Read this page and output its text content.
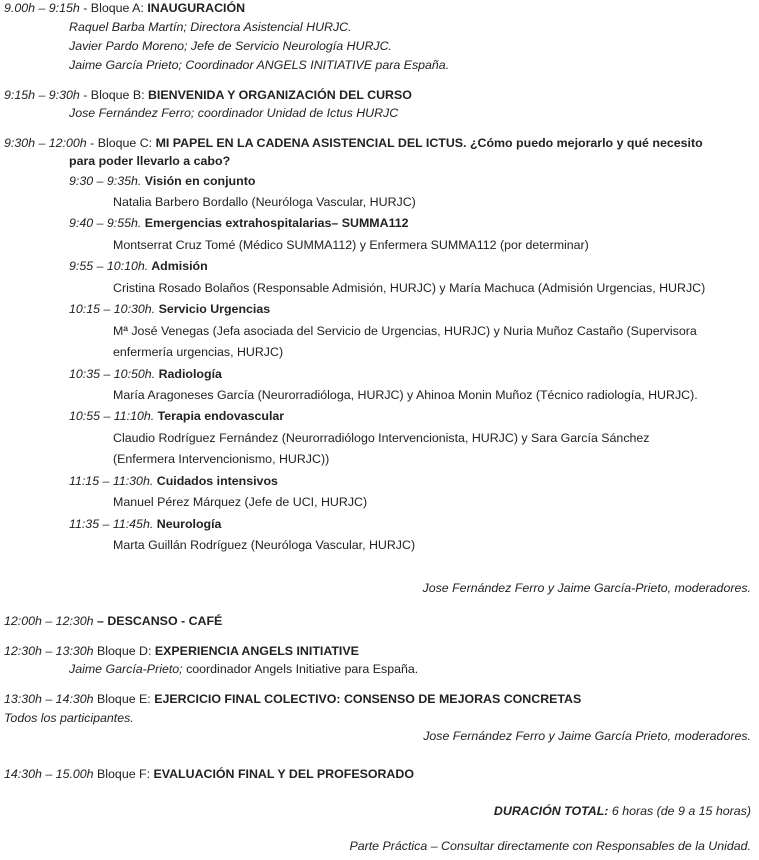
9.00h – 9:15h - Bloque A: INAUGURACIÓN
Raquel Barba Martín; Directora Asistencial HURJC.
Javier Pardo Moreno; Jefe de Servicio Neurología HURJC.
Jaime García Prieto; Coordinador ANGELS INITIATIVE para España.
9:15h – 9:30h - Bloque B: BIENVENIDA Y ORGANIZACIÓN DEL CURSO
Jose Fernández Ferro; coordinador Unidad de Ictus HURJC
9:30h – 12:00h - Bloque C: MI PAPEL EN LA CADENA ASISTENCIAL DEL ICTUS. ¿Cómo puedo mejorarlo y qué necesito
para poder llevarlo a cabo?
9:30 – 9:35h. Visión en conjunto
Natalia Barbero Bordallo (Neuróloga Vascular, HURJC)
9:40 – 9:55h. Emergencias extrahospitalarias– SUMMA112
Montserrat Cruz Tomé (Médico SUMMA112) y Enfermera SUMMA112 (por determinar)
9:55 – 10:10h. Admisión
Cristina Rosado Bolaños (Responsable Admisión, HURJC) y María Machuca (Admisión Urgencias, HURJC)
10:15 – 10:30h. Servicio Urgencias
Mª José Venegas (Jefa asociada del Servicio de Urgencias, HURJC) y Nuria Muñoz Castaño (Supervisora
enfermería urgencias, HURJC)
10:35 – 10:50h. Radiología
María Aragoneses García (Neurorradióloga, HURJC) y Ahinoa Monin Muñoz (Técnico radiología, HURJC).
10:55 – 11:10h. Terapia endovascular
Claudio Rodríguez Fernández (Neurorradiólogo Intervencionista, HURJC) y Sara García Sánchez
(Enfermera Intervencionismo, HURJC))
11:15 – 11:30h. Cuidados intensivos
Manuel Pérez Márquez (Jefe de UCI, HURJC)
11:35 – 11:45h. Neurología
Marta Guillán Rodríguez (Neuróloga Vascular, HURJC)
Jose Fernández Ferro y Jaime García-Prieto, moderadores.
12:00h – 12:30h – DESCANSO - CAFÉ
12:30h – 13:30h Bloque D: EXPERIENCIA ANGELS INITIATIVE
Jaime García-Prieto; coordinador Angels Initiative para España.
13:30h – 14:30h Bloque E: EJERCICIO FINAL COLECTIVO: CONSENSO DE MEJORAS CONCRETAS
Todos los participantes.
Jose Fernández Ferro y Jaime García Prieto, moderadores.
14:30h – 15.00h Bloque F: EVALUACIÓN FINAL Y DEL PROFESORADO
DURACIÓN TOTAL: 6 horas (de 9 a 15 horas)
Parte Práctica – Consultar directamente con Responsables de la Unidad.
